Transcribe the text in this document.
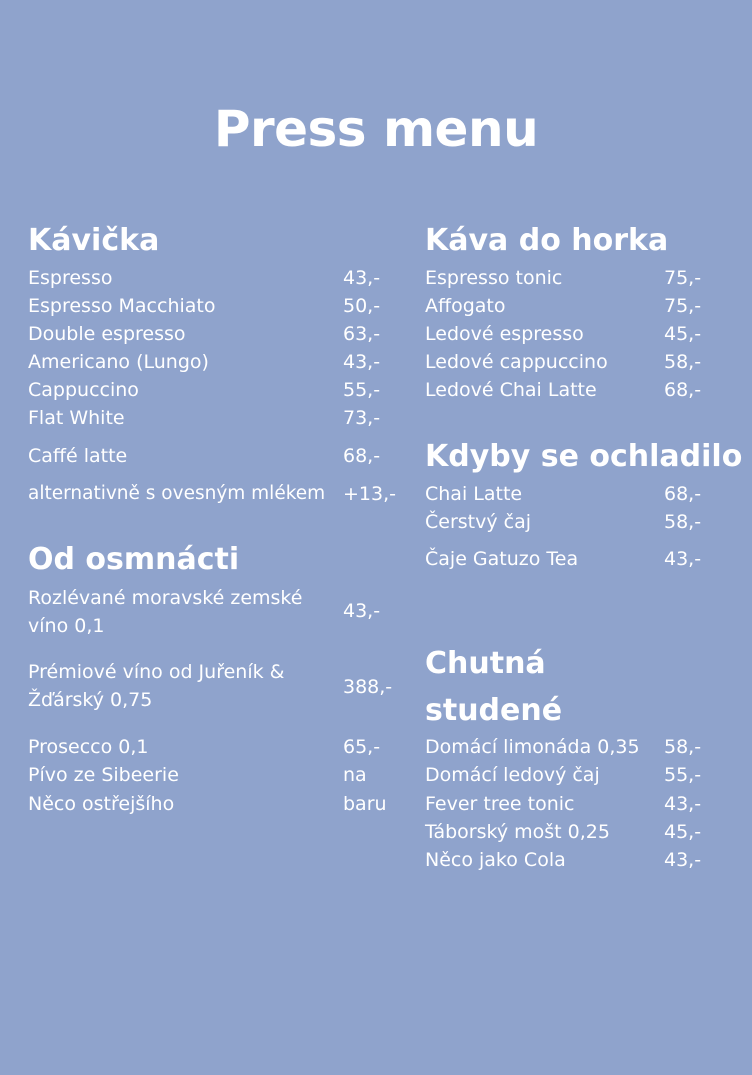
Press menu
Kávička
Espresso	43,-
Espresso Macchiato	50,-
Double espresso	63,-
Americano (Lungo)	43,-
Cappuccino	55,-
Flat White	73,-
Caffé latte	68,-
alternativně s ovesným mlékem +13,-
Od osmnácti
Rozlévané moravské zemské
víno 0,1
43,-
Prémiové víno od Juřeník &
Žďárský 0,75
388,-
Prosecco 0,1	65,-
Pívo ze Sibeerie	na
Něco ostřejšího	baru
Káva do horka
Espresso tonic	75,-
Affogato	75,-
Ledové espresso	45,-
Ledové cappuccino	58,-
Ledové Chai Latte	68,-
Kdyby se ochladilo
Chai Latte	68,-
Čerstvý čaj	58,-
Čaje Gatuzo Tea	43,-
Chutná
studené
Domácí limonáda 0,35 58,-
Domácí ledový čaj	55,-
Fever tree tonic	43,-
Táborský mošt 0,25	45,-
Něco jako Cola	43,-
